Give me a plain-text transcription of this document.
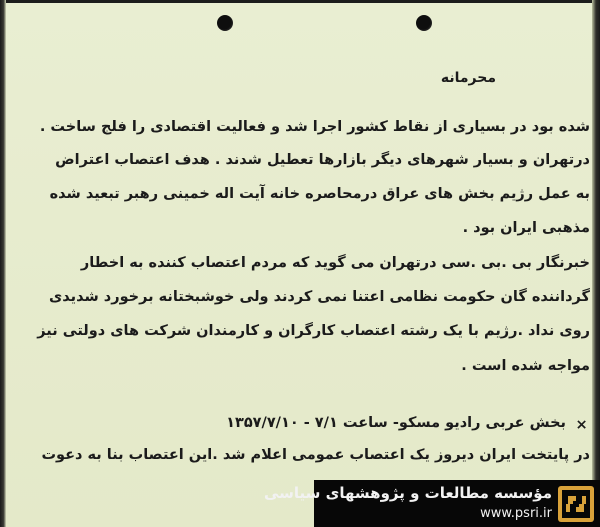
محرمانه
شده بود در بسیاری از نقاط کشور اجرا شد و فعالیت اقتصادی را فلج ساخت .
درتهران و بسیار شهرهای دیگر بازارها تعطیل شدند . هدف اعتصاب اعتراض
به عمل رژیم بخش های عراق درمحاصره خانه آیت اله خمینی رهبر تبعید شده
مذهبی ایران بود .
خبرنگار بی .بی .سی درتهران می گوید که مردم اعتصاب کننده به اخطار
گرداننده گان حکومت نظامی اعتنا نمی کردند ولی خوشبختانه برخورد شدیدی
روی نداد .رژیم با یک رشته اعتصاب کارگران و کارمندان شرکت های دولتی نیز
مواجه شده است .
بخش عربی رادیو مسکو- ساعت ۷/۱ - ۱۳۵۷/۷/۱۰ ×
در پایتخت ایران دیروز یک اعتصاب عمومی اعلام شد .این اعتصاب بنا به دعوت
مؤسسه مطالعات و پژوهشهای سیاسی
www.psri.ir
